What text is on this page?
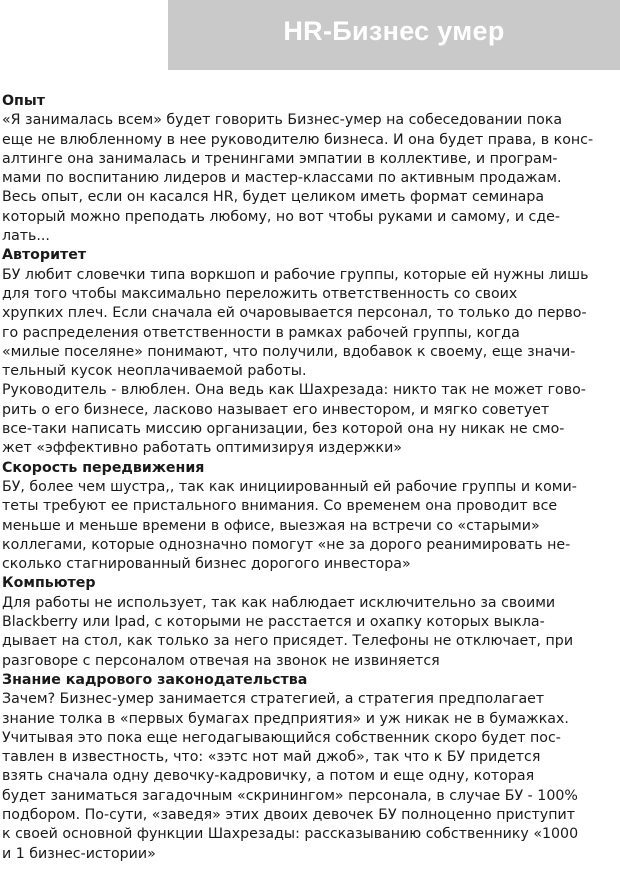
HR-Бизнес умер
Опыт
«Я занималась всем» будет говорить Бизнес-умер на собеседовании пока
еще не влюбленному в нее руководителю бизнеса. И она будет права, в конс-
алтинге она занималась и тренингами эмпатии в коллективе, и програм-
мами по воспитанию лидеров и мастер-классами по активным продажам.
Весь опыт, если он касался HR, будет целиком иметь формат семинара
который можно преподать любому, но вот чтобы руками и самому, и сде-
лать...
Авторитет
БУ любит словечки типа воркшоп и рабочие группы, которые ей нужны лишь
для того чтобы максимально переложить ответственность со своих
хрупких плеч. Если сначала ей очаровывается персонал, то только до перво-
го распределения ответственности в рамках рабочей группы, когда
«милые поселяне» понимают, что получили, вдобавок к своему, еще значи-
тельный кусок неоплачиваемой работы.
Руководитель - влюблен. Она ведь как Шахрезада: никто так не может гово-
рить о его бизнесе, ласково называет его инвестором, и мягко советует
все-таки написать миссию организации, без которой она ну никак не смо-
жет «эффективно работать оптимизируя издержки»
Скорость передвижения
БУ, более чем шустра,, так как инициированный ей рабочие группы и коми-
теты требуют ее пристального внимания. Со временем она проводит все
меньше и меньше времени в офисе, выезжая на встречи со «старыми»
коллегами, которые однозначно помогут «не за дорого реанимировать не-
сколько стагнированный бизнес дорогого инвестора»
Компьютер
Для работы не использует, так как наблюдает исключительно за своими
Blackberry или Ipad, с которыми не расстается и охапку которых выкла-
дывает на стол, как только за него присядет. Телефоны не отключает, при
разговоре с персоналом отвечая на звонок не извиняется
Знание кадрового законодательства
Зачем? Бизнес-умер занимается стратегией, а стратегия предполагает
знание толка в «первых бумагах предприятия» и уж никак не в бумажках.
Учитывая это пока еще негодагывающийся собственник скоро будет пос-
тавлен в известность, что: «зэтс нот май джоб», так что к БУ придется
взять сначала одну девочку-кадровичку, а потом и еще одну, которая
будет заниматься загадочным «скринингом» персонала, в случае БУ - 100%
подбором. По-сути, «заведя» этих двоих девочек БУ полноценно приступит
к своей основной функции Шахрезады: рассказыванию собственнику «1000
и 1 бизнес-истории»
